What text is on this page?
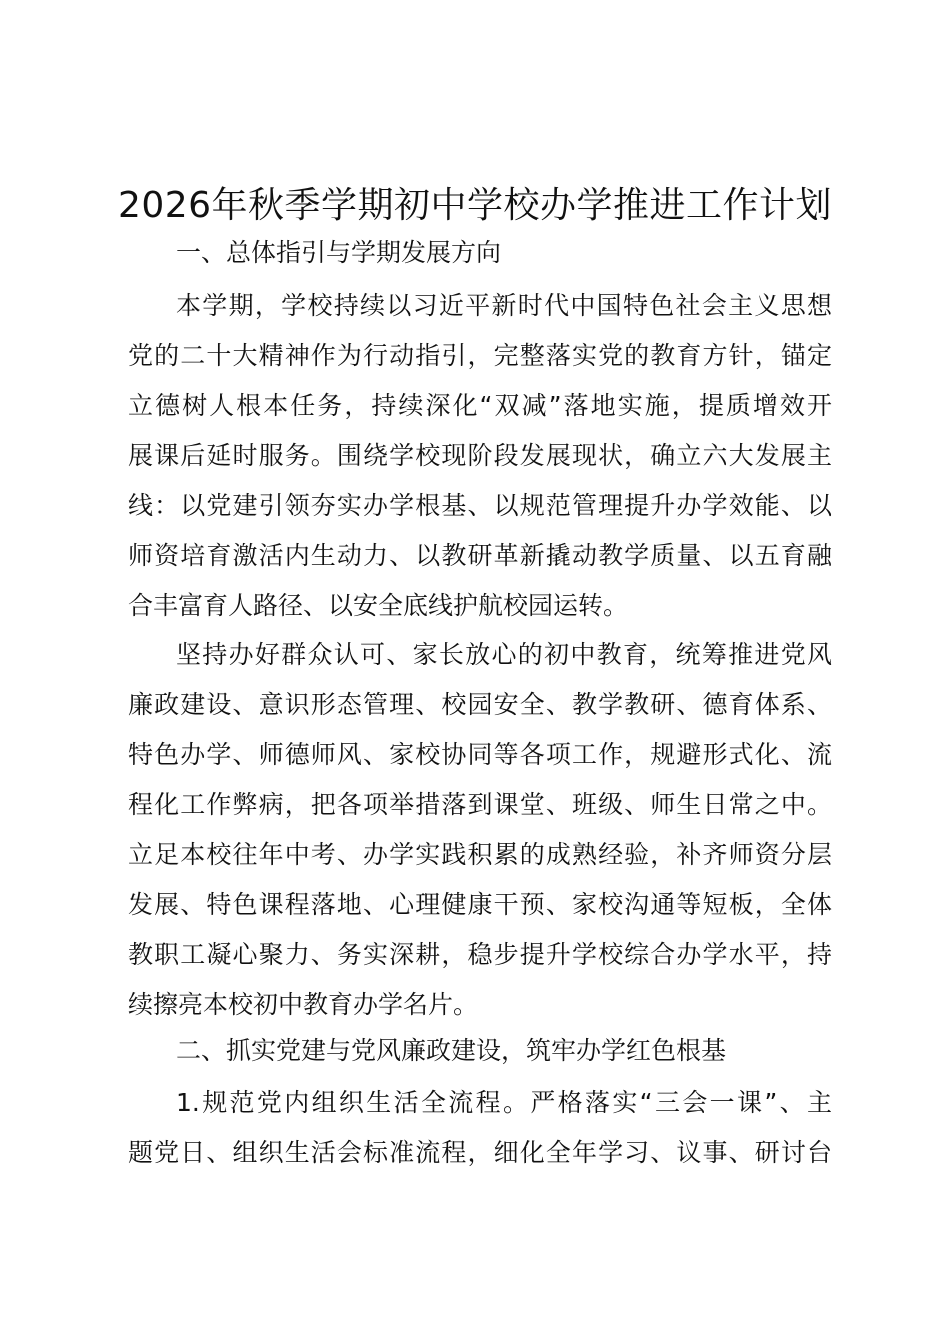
2026年秋季学期初中学校办学推进工作计划
一、总体指引与学期发展方向
本学期，学校持续以习近平新时代中国特色社会主义思想
党的二十大精神作为行动指引，完整落实党的教育方针，锚定
立德树人根本任务，持续深化“双减”落地实施，提质增效开
展课后延时服务。围绕学校现阶段发展现状，确立六大发展主
线：以党建引领夯实办学根基、以规范管理提升办学效能、以
师资培育激活内生动力、以教研革新撬动教学质量、以五育融
合丰富育人路径、以安全底线护航校园运转。
坚持办好群众认可、家长放心的初中教育，统筹推进党风
廉政建设、意识形态管理、校园安全、教学教研、德育体系、
特色办学、师德师风、家校协同等各项工作，规避形式化、流
程化工作弊病，把各项举措落到课堂、班级、师生日常之中。
立足本校往年中考、办学实践积累的成熟经验，补齐师资分层
发展、特色课程落地、心理健康干预、家校沟通等短板，全体
教职工凝心聚力、务实深耕，稳步提升学校综合办学水平，持
续擦亮本校初中教育办学名片。
二、抓实党建与党风廉政建设，筑牢办学红色根基
1.规范党内组织生活全流程。严格落实“三会一课”、主
题党日、组织生活会标准流程，细化全年学习、议事、研讨台
